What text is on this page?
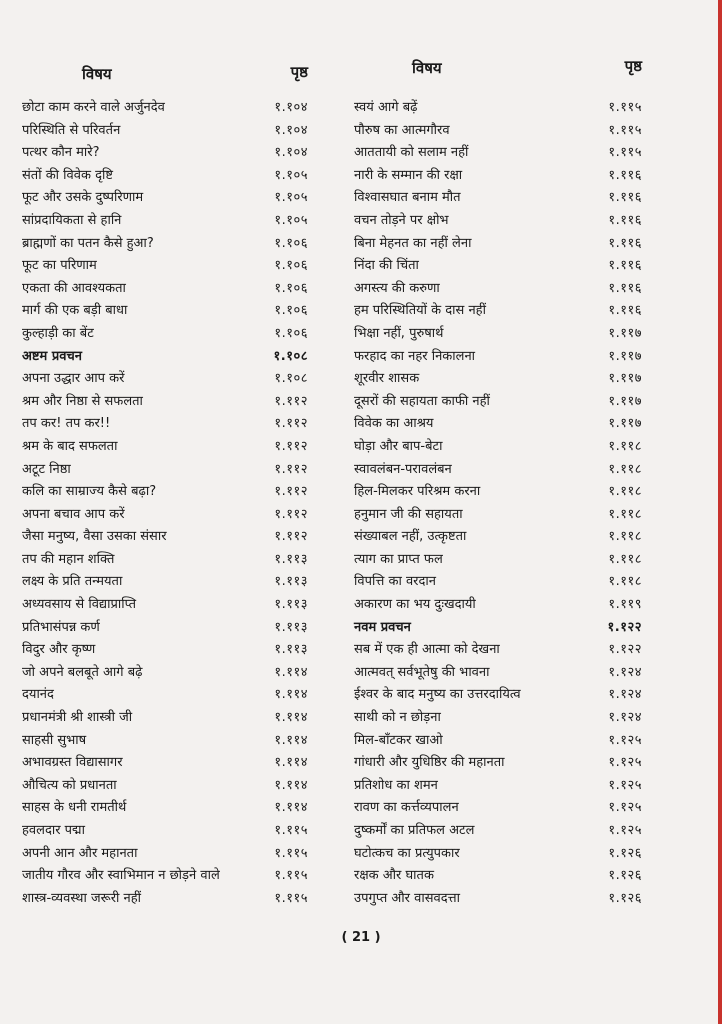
विषय	पृष्ठ
छोटा काम करने वाले अर्जुनदेव	१.१०४
परिस्थिति से परिवर्तन	१.१०४
पत्थर कौन मारे?	१.१०४
संतों की विवेक दृष्टि	१.१०५
फूट और उसके दुष्परिणाम	१.१०५
सांप्रदायिकता से हानि	१.१०५
ब्राह्मणों का पतन कैसे हुआ?	१.१०६
फूट का परिणाम	१.१०६
एकता की आवश्यकता	१.१०६
मार्ग की एक बड़ी बाधा	१.१०६
कुल्हाड़ी का बेंट	१.१०६
अष्टम प्रवचन	१.१०८
अपना उद्धार आप करें	१.१०८
श्रम और निष्ठा से सफलता	१.११२
तप कर! तप कर!!	१.११२
श्रम के बाद सफलता	१.११२
अटूट निष्ठा	१.११२
कलि का साम्राज्य कैसे बढ़ा?	१.११२
अपना बचाव आप करें	१.११२
जैसा मनुष्य, वैसा उसका संसार	१.११२
तप की महान शक्ति	१.११३
लक्ष्य के प्रति तन्मयता	१.११३
अध्यवसाय से विद्याप्राप्ति	१.११३
प्रतिभासंपन्न कर्ण	१.११३
विदुर और कृष्ण	१.११३
जो अपने बलबूते आगे बढ़े	१.११४
दयानंद	१.११४
प्रधानमंत्री श्री शास्त्री जी	१.११४
साहसी सुभाष	१.११४
अभावग्रस्त विद्यासागर	१.११४
औचित्य को प्रधानता	१.११४
साहस के धनी रामतीर्थ	१.११४
हवलदार पद्मा	१.११५
अपनी आन और महानता	१.११५
जातीय गौरव और स्वाभिमान न छोड़ने वाले	१.११५
शास्त्र-व्यवस्था जरूरी नहीं	१.११५
विषय	पृष्ठ
स्वयं आगे बढ़ें	१.११५
पौरुष का आत्मगौरव	१.११५
आततायी को सलाम नहीं	१.११५
नारी के सम्मान की रक्षा	१.११६
विश्वासघात बनाम मौत	१.११६
वचन तोड़ने पर क्षोभ	१.११६
बिना मेहनत का नहीं लेना	१.११६
निंदा की चिंता	१.११६
अगस्त्य की करुणा	१.११६
हम परिस्थितियों के दास नहीं	१.११६
भिक्षा नहीं, पुरुषार्थ	१.११७
फरहाद का नहर निकालना	१.११७
शूरवीर शासक	१.११७
दूसरों की सहायता काफी नहीं	१.११७
विवेक का आश्रय	१.११७
घोड़ा और बाप-बेटा	१.११८
स्वावलंबन-परावलंबन	१.११८
हिल-मिलकर परिश्रम करना	१.११८
हनुमान जी की सहायता	१.११८
संख्याबल नहीं, उत्कृष्टता	१.११८
त्याग का प्राप्त फल	१.११८
विपत्ति का वरदान	१.११८
अकारण का भय दुःखदायी	१.११९
नवम प्रवचन	१.१२२
सब में एक ही आत्मा को देखना	१.१२२
आत्मवत् सर्वभूतेषु की भावना	१.१२४
ईश्वर के बाद मनुष्य का उत्तरदायित्व	१.१२४
साथी को न छोड़ना	१.१२४
मिल-बाँटकर खाओ	१.१२५
गांधारी और युधिष्ठिर की महानता	१.१२५
प्रतिशोध का शमन	१.१२५
रावण का कर्त्तव्यपालन	१.१२५
दुष्कर्मों का प्रतिफल अटल	१.१२५
घटोत्कच का प्रत्युपकार	१.१२६
रक्षक और घातक	१.१२६
उपगुप्त और वासवदत्ता	१.१२६
( 21 )
